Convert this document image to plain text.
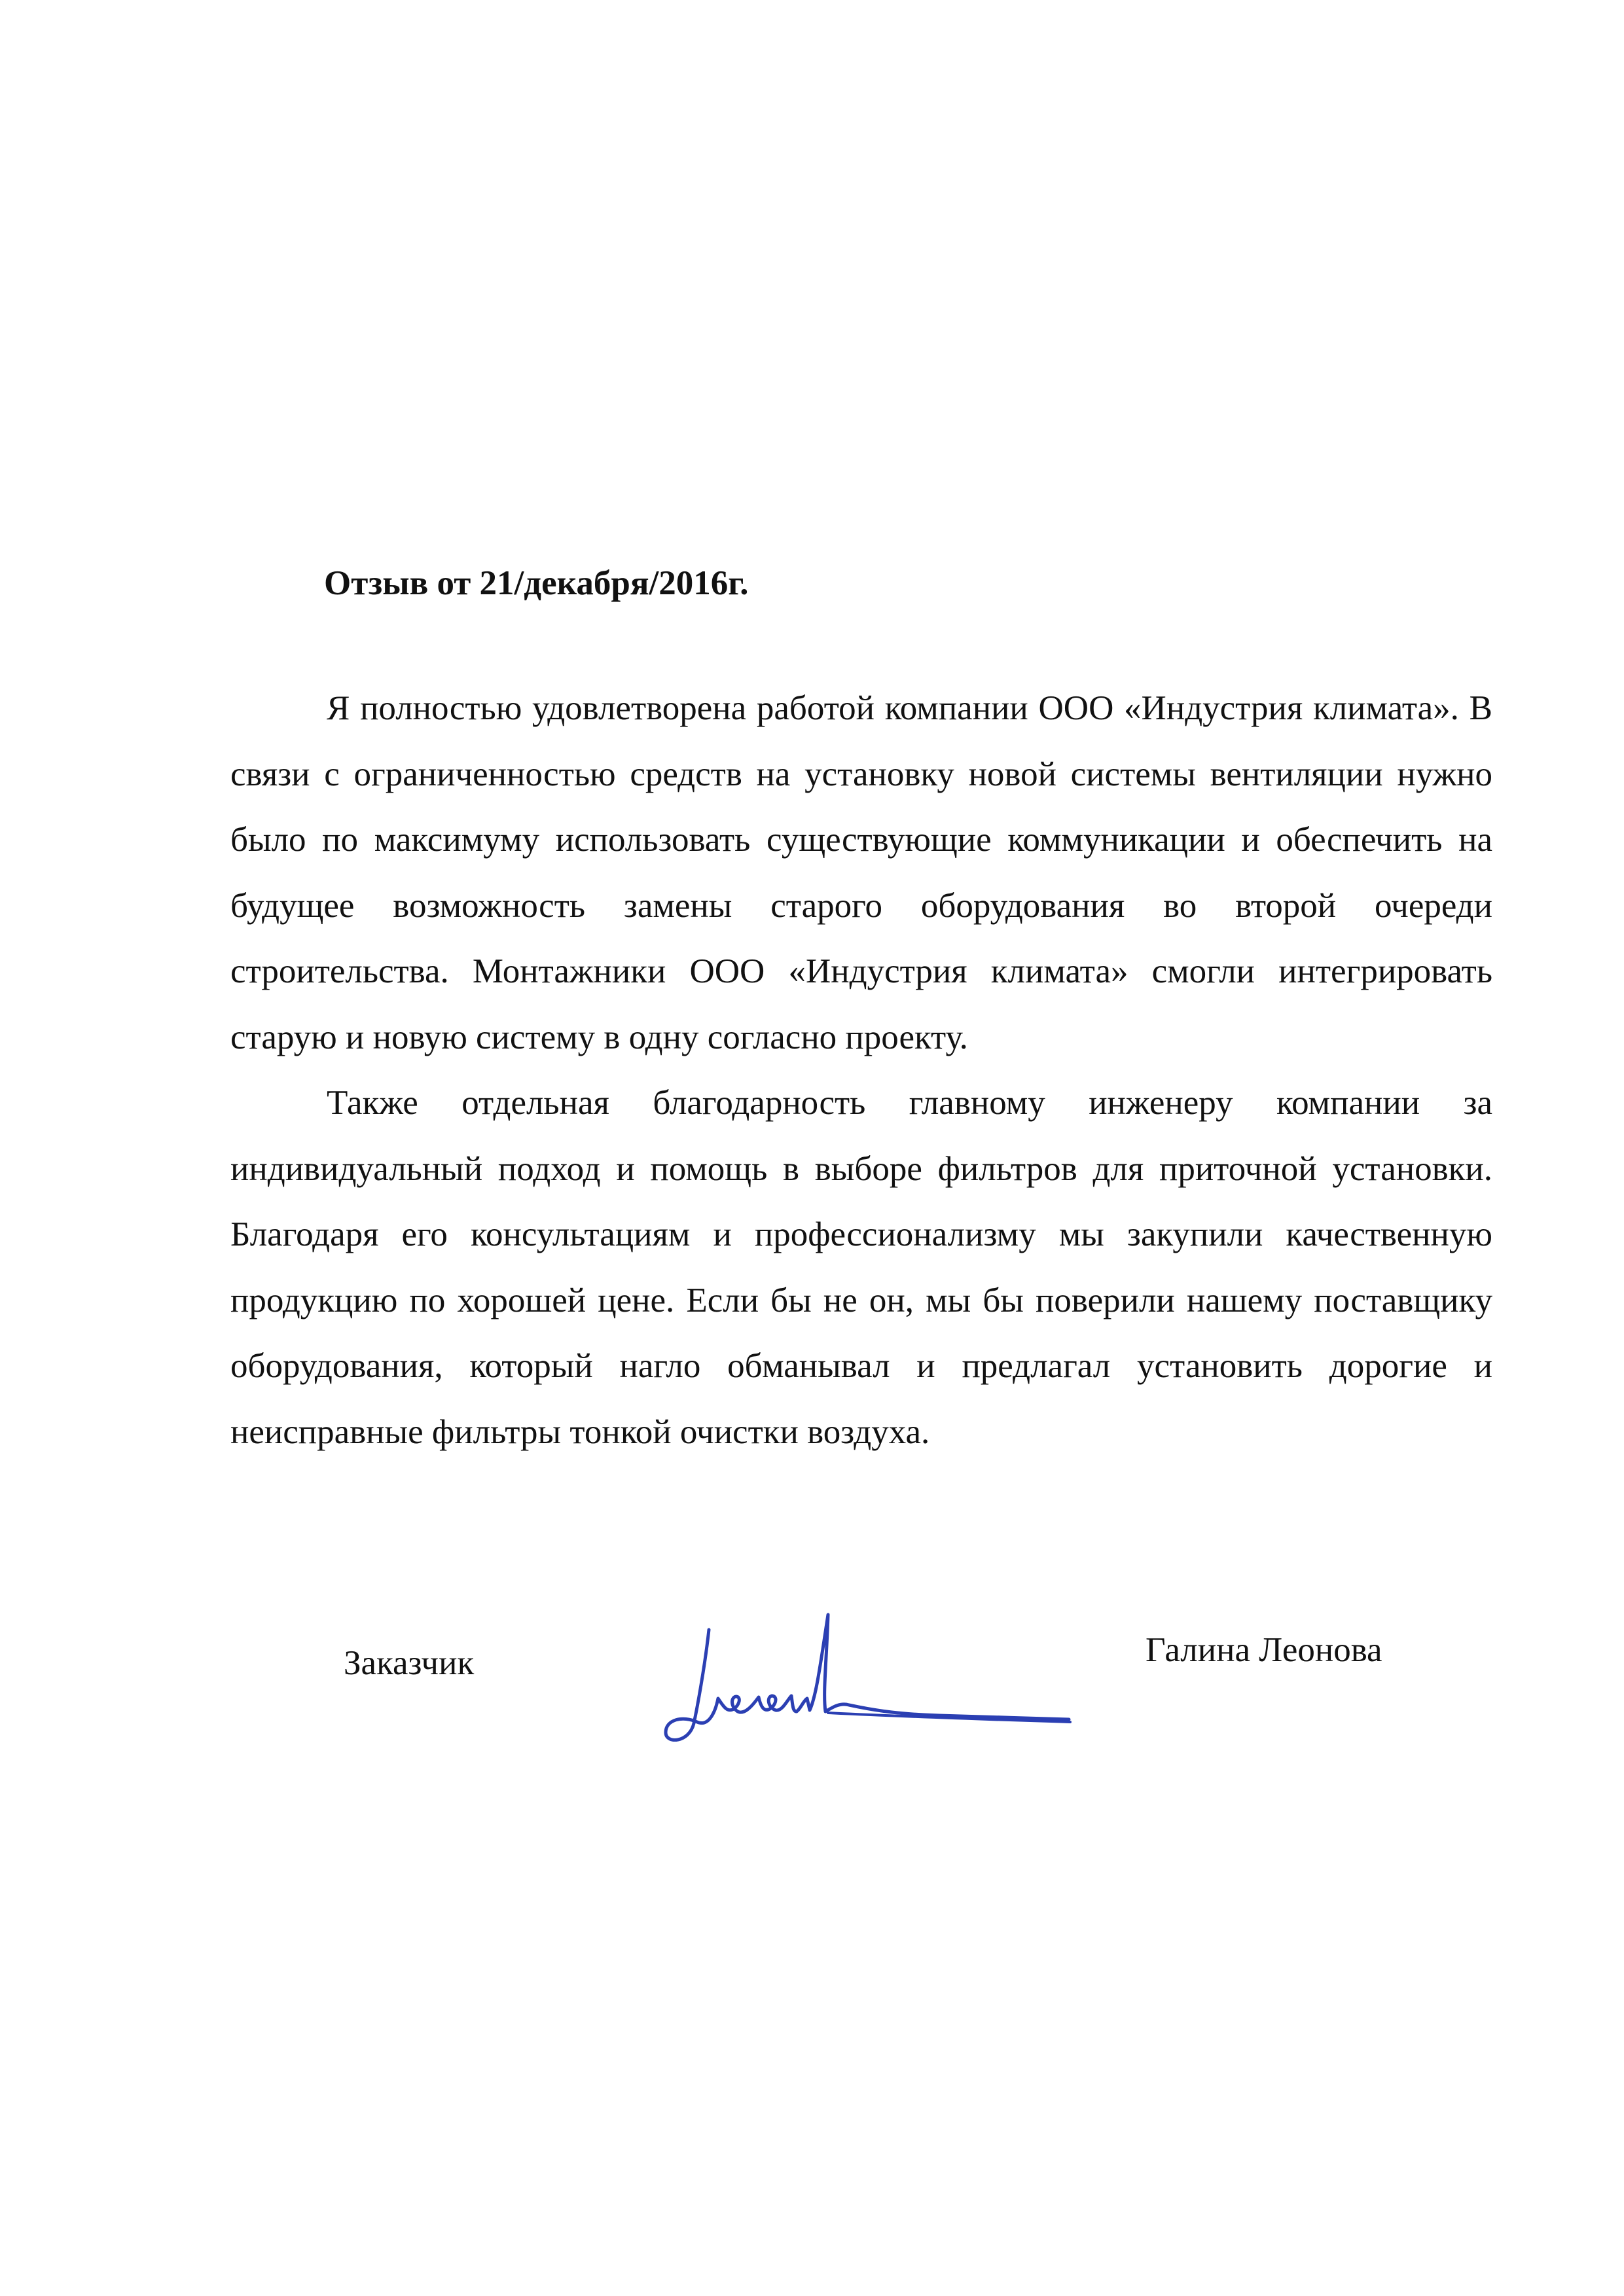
Отзыв от 21/декабря/2016г.

Я полностью удовлетворена работой компании ООО «Индустрия климата». В связи с ограниченностью средств на установку новой системы вентиляции нужно было по максимуму использовать существующие коммуникации и обеспечить на будущее возможность замены старого оборудования во второй очереди строительства. Монтажники ООО «Индустрия климата» смогли интегрировать старую и новую систему в одну согласно проекту.

Также отдельная благодарность главному инженеру компании за индивидуальный подход и помощь в выборе фильтров для приточной установки. Благодаря его консультациям и профессионализму мы закупили качественную продукцию по хорошей цене. Если бы не он, мы бы поверили нашему поставщику оборудования, который нагло обманывал и предлагал установить дорогие и неисправные фильтры тонкой очистки воздуха.

Заказчик	Галина Леонова
